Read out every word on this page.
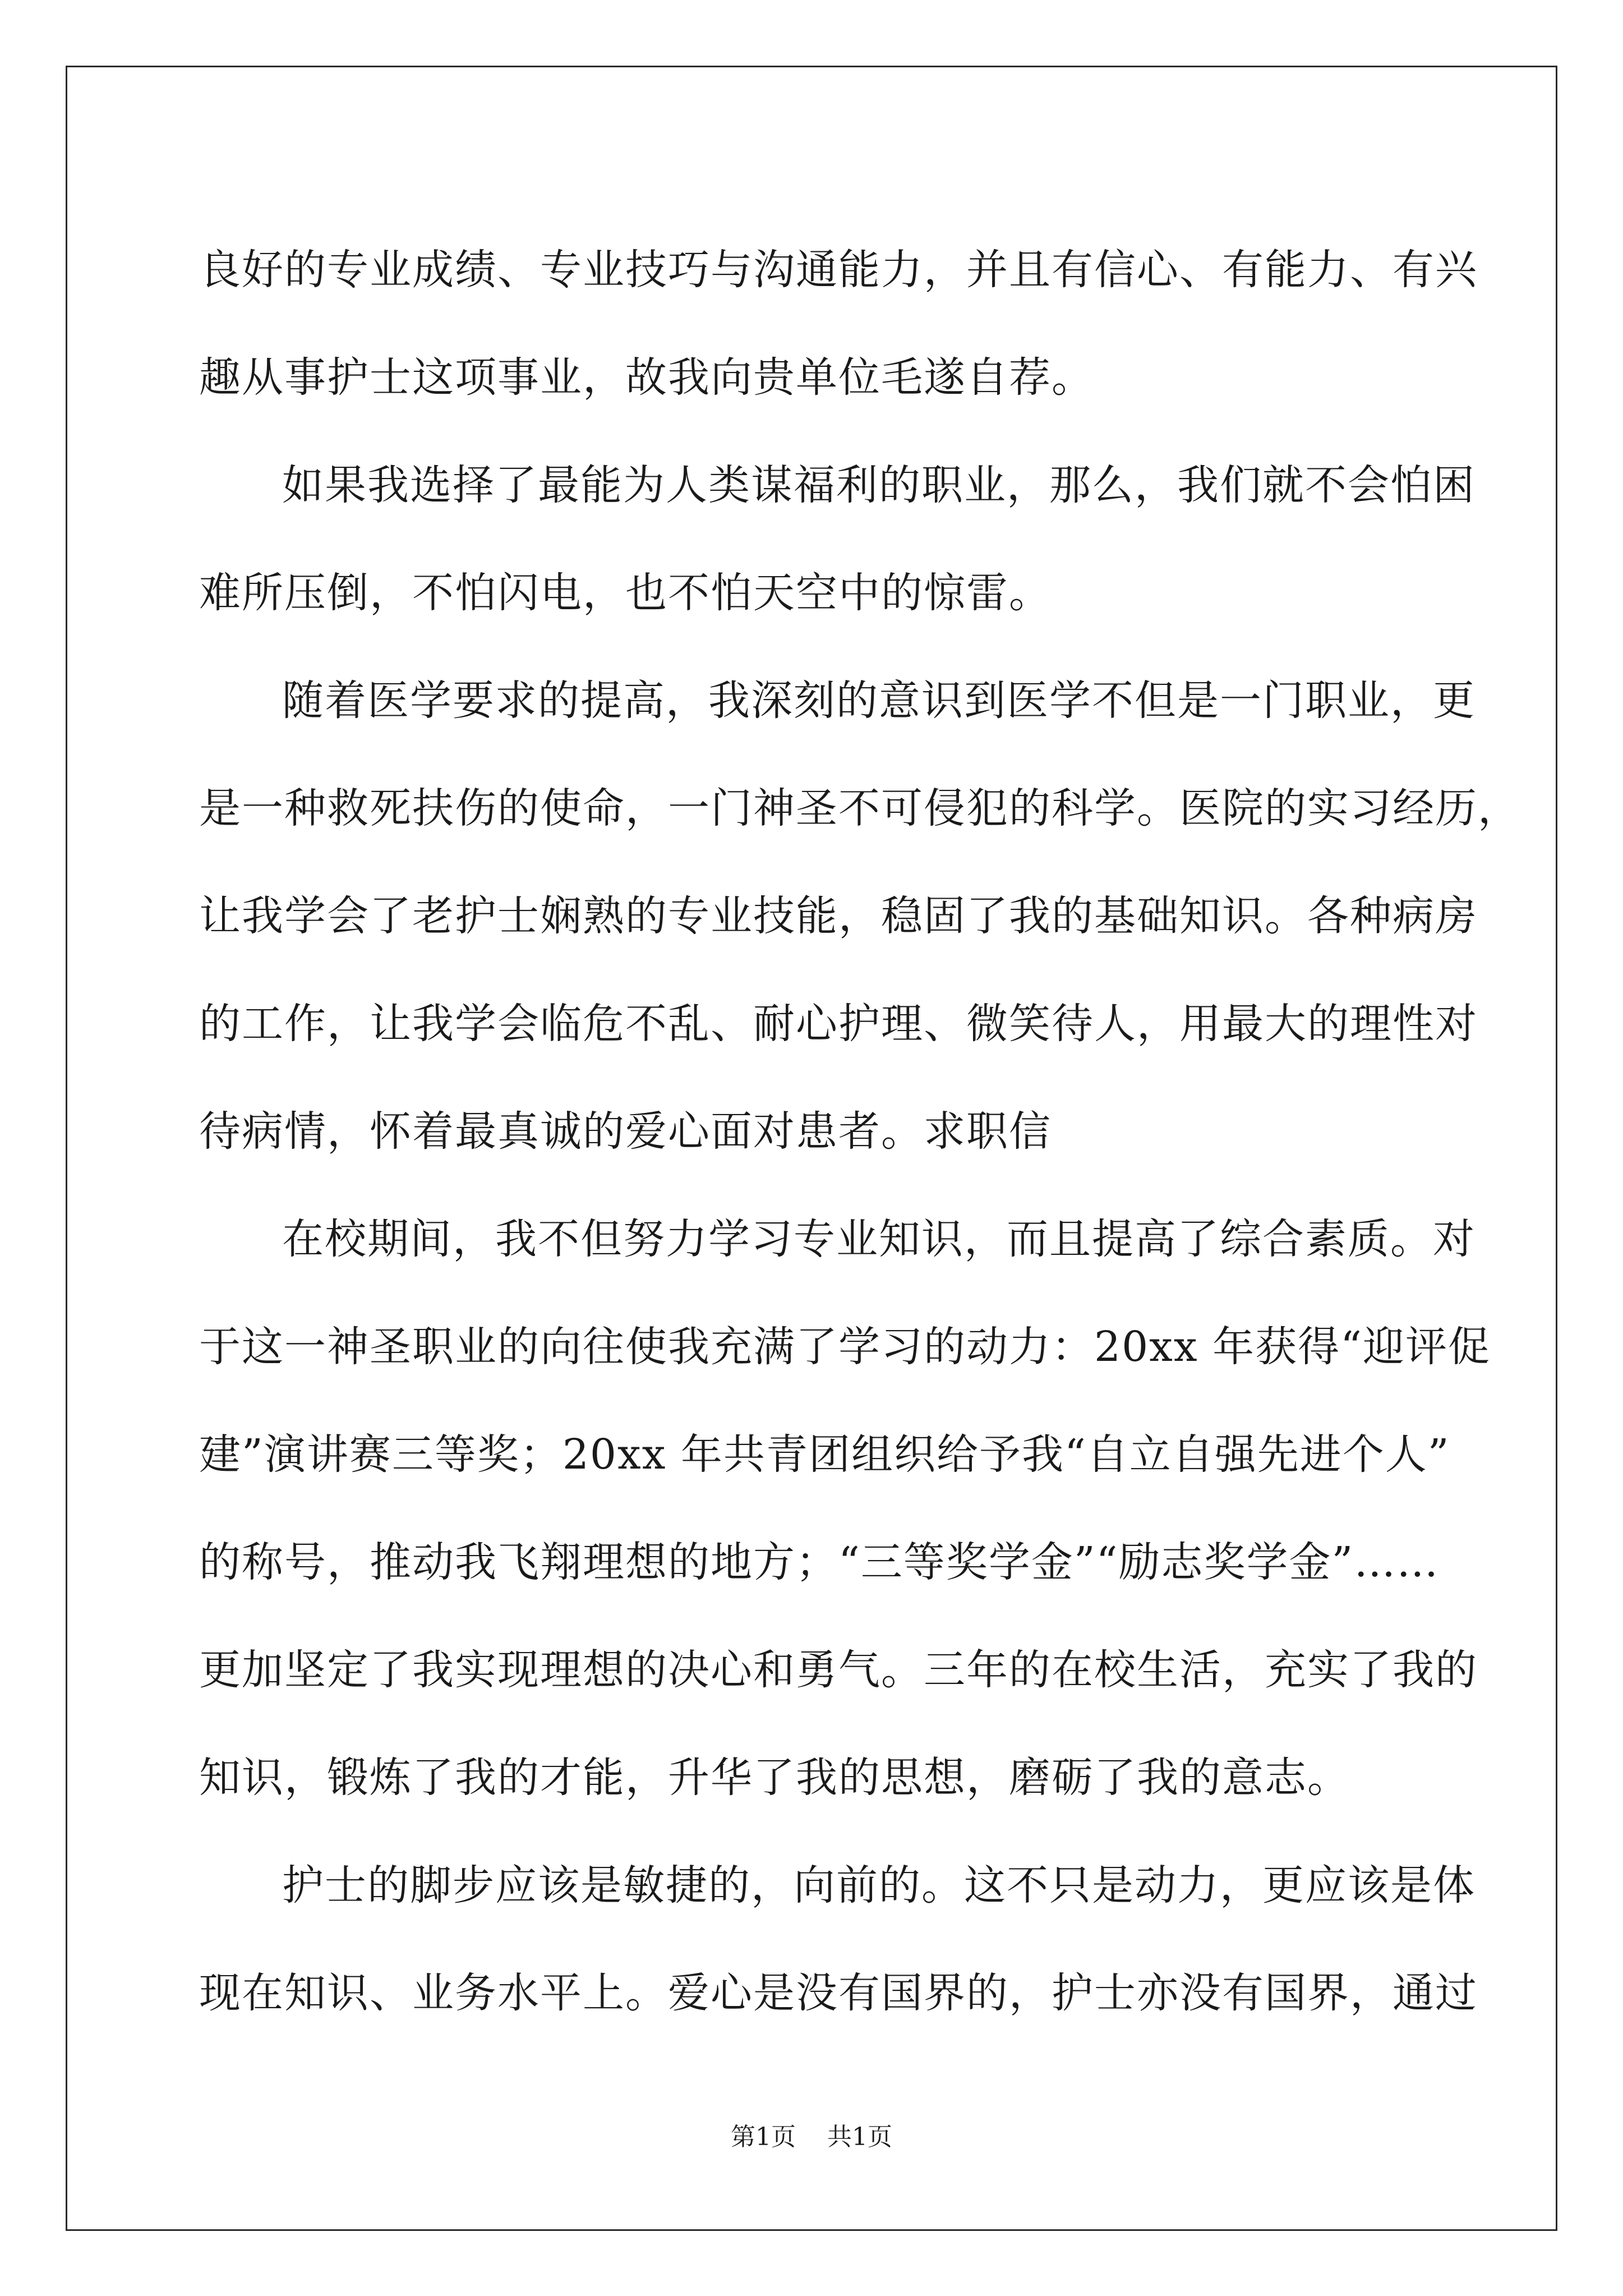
良好的专业成绩、专业技巧与沟通能力，并且有信心、有能力、有兴
趣从事护士这项事业，故我向贵单位毛遂自荐。
如果我选择了最能为人类谋福利的职业，那么，我们就不会怕困
难所压倒，不怕闪电，也不怕天空中的惊雷。
随着医学要求的提高，我深刻的意识到医学不但是一门职业，更
是一种救死扶伤的使命，一门神圣不可侵犯的科学。医院的实习经历，
让我学会了老护士娴熟的专业技能，稳固了我的基础知识。各种病房
的工作，让我学会临危不乱、耐心护理、微笑待人，用最大的理性对
待病情，怀着最真诚的爱心面对患者。求职信
在校期间，我不但努力学习专业知识，而且提高了综合素质。对
于这一神圣职业的向往使我充满了学习的动力：20xx 年获得“迎评促
建”演讲赛三等奖；20xx 年共青团组织给予我“自立自强先进个人”
的称号，推动我飞翔理想的地方；“三等奖学金”“励志奖学金”……
更加坚定了我实现理想的决心和勇气。三年的在校生活，充实了我的
知识，锻炼了我的才能，升华了我的思想，磨砺了我的意志。
护士的脚步应该是敏捷的，向前的。这不只是动力，更应该是体
现在知识、业务水平上。爱心是没有国界的，护士亦没有国界，通过
第1页 共1页
